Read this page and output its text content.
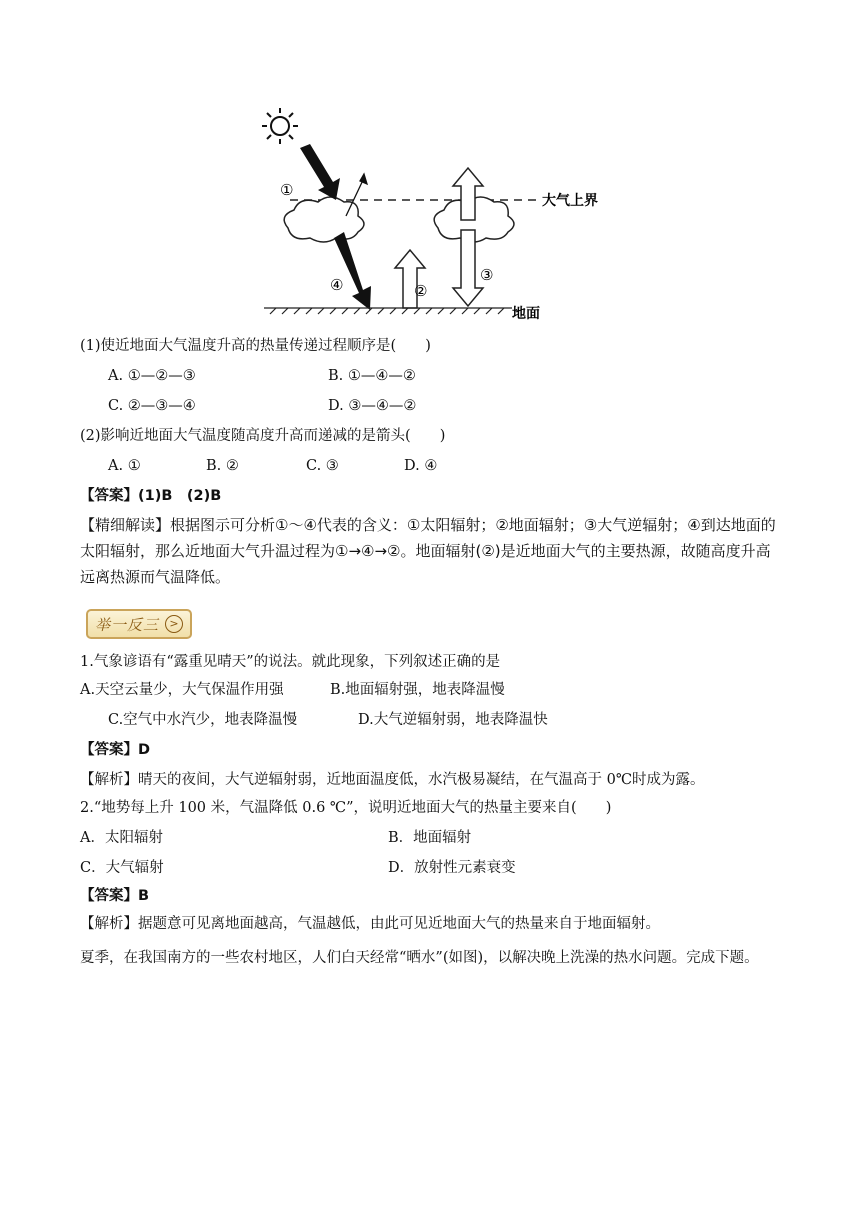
①
④	②
③
大气上界
地面
(1)使近地面大气温度升高的热量传递过程顺序是(　　)
A. ①—②—③	B. ①—④—②
C. ②—③—④	D. ③—④—②
(2)影响近地面大气温度随高度升高而递减的是箭头(　　)
A. ①	B. ②	C. ③	D. ④
【答案】(1)B　(2)B
【精细解读】根据图示可分析①～④代表的含义：①太阳辐射；②地面辐射；③大气逆辐射；④到达地面的太阳辐射，那么近地面大气升温过程为①→④→②。地面辐射(②)是近地面大气的主要热源，故随高度升高远离热源而气温降低。
举一反三 >
1.气象谚语有“露重见晴天”的说法。就此现象，下列叙述正确的是
A.天空云量少，大气保温作用强	B.地面辐射强，地表降温慢
C.空气中水汽少，地表降温慢	D.大气逆辐射弱，地表降温快
【答案】D
【解析】晴天的夜间，大气逆辐射弱，近地面温度低，水汽极易凝结，在气温高于 0℃时成为露。
2.“地势每上升 100 米，气温降低 0.6 ℃”，说明近地面大气的热量主要来自(　　)
A．太阳辐射	B．地面辐射
C．大气辐射	D．放射性元素衰变
【答案】B
【解析】据题意可见离地面越高，气温越低，由此可见近地面大气的热量来自于地面辐射。
夏季，在我国南方的一些农村地区，人们白天经常“晒水”(如图)，以解决晚上洗澡的热水问题。完成下题。
